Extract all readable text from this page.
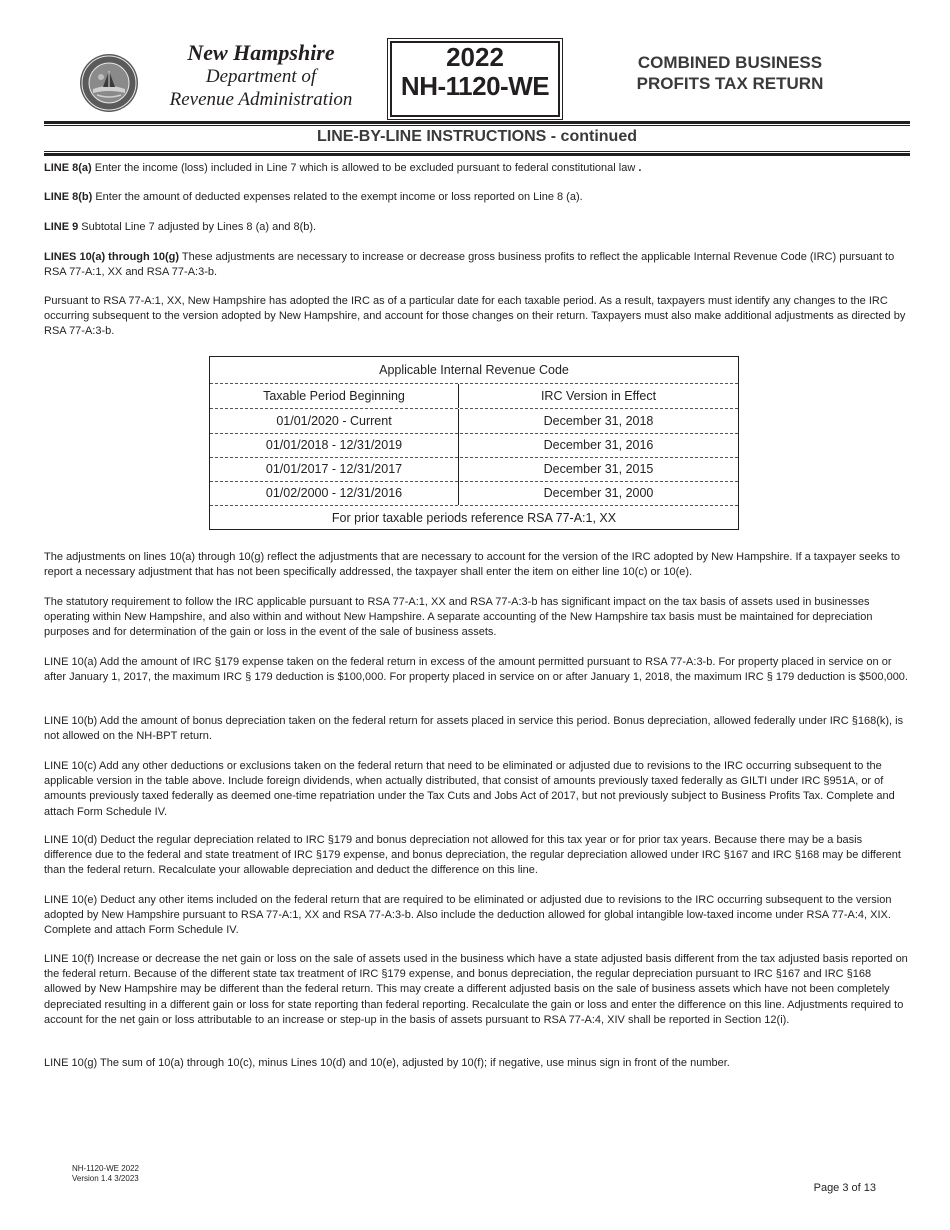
New Hampshire
Department of
Revenue Administration
2022
NH-1120-WE
COMBINED BUSINESS
PROFITS TAX RETURN
LINE-BY-LINE INSTRUCTIONS - continued
LINE 8(a) Enter the income (loss) included in Line 7 which is allowed to be excluded pursuant to federal constitutional law .
LINE 8(b) Enter the amount of deducted expenses related to the exempt income or loss reported on Line 8 (a).
LINE 9 Subtotal Line 7 adjusted by Lines 8 (a) and 8(b).
LINES 10(a) through 10(g) These adjustments are necessary to increase or decrease gross business profits to reflect the applicable Internal Revenue Code (IRC) pursuant to RSA 77-A:1, XX and RSA 77-A:3-b.
Pursuant to RSA 77-A:1, XX, New Hampshire has adopted the IRC as of a particular date for each taxable period. As a result, taxpayers must identify any changes to the IRC occurring subsequent to the version adopted by New Hampshire, and account for those changes on their return. Taxpayers must also make additional adjustments as directed by RSA 77-A:3-b.
Applicable Internal Revenue Code
Taxable Period Beginning	IRC Version in Effect
01/01/2020 - Current	December 31, 2018
01/01/2018 - 12/31/2019	December 31, 2016
01/01/2017 - 12/31/2017	December 31, 2015
01/02/2000 - 12/31/2016	December 31, 2000
For prior taxable periods reference RSA 77-A:1, XX
The adjustments on lines 10(a) through 10(g) reflect the adjustments that are necessary to account for the version of the IRC adopted by New Hampshire. If a taxpayer seeks to report a necessary adjustment that has not been specifically addressed, the taxpayer shall enter the item on either line 10(c) or 10(e).
The statutory requirement to follow the IRC applicable pursuant to RSA 77-A:1, XX and RSA 77-A:3-b has significant impact on the tax basis of assets used in businesses operating within New Hampshire, and also within and without New Hampshire. A separate accounting of the New Hampshire tax basis must be maintained for depreciation purposes and for determination of the gain or loss in the event of the sale of business assets.
LINE 10(a) Add the amount of IRC §179 expense taken on the federal return in excess of the amount permitted pursuant to RSA 77-A:3-b. For property placed in service on or after January 1, 2017, the maximum IRC § 179 deduction is $100,000. For property placed in service on or after January 1, 2018, the maximum IRC § 179 deduction is $500,000.
LINE 10(b) Add the amount of bonus depreciation taken on the federal return for assets placed in service this period. Bonus depreciation, allowed federally under IRC §168(k), is not allowed on the NH-BPT return.
LINE 10(c) Add any other deductions or exclusions taken on the federal return that need to be eliminated or adjusted due to revisions to the IRC occurring subsequent to the applicable version in the table above. Include foreign dividends, when actually distributed, that consist of amounts previously taxed federally as GILTI under IRC §951A, or of amounts previously taxed federally as deemed one-time repatriation under the Tax Cuts and Jobs Act of 2017, but not previously subject to Business Profits Tax. Complete and attach Form Schedule IV.
LINE 10(d) Deduct the regular depreciation related to IRC §179 and bonus depreciation not allowed for this tax year or for prior tax years. Because there may be a basis difference due to the federal and state treatment of IRC §179 expense, and bonus depreciation, the regular depreciation allowed under IRC §167 and IRC §168 may be different than the federal return. Recalculate your allowable depreciation and deduct the difference on this line.
LINE 10(e) Deduct any other items included on the federal return that are required to be eliminated or adjusted due to revisions to the IRC occurring subsequent to the version adopted by New Hampshire pursuant to RSA 77-A:1, XX and RSA 77-A:3-b. Also include the deduction allowed for global intangible low-taxed income under RSA 77-A:4, XIX. Complete and attach Form Schedule IV.
LINE 10(f) Increase or decrease the net gain or loss on the sale of assets used in the business which have a state adjusted basis different from the tax adjusted basis reported on the federal return. Because of the different state tax treatment of IRC §179 expense, and bonus depreciation, the regular depreciation pursuant to IRC §167 and IRC §168 allowed by New Hampshire may be different than the federal return. This may create a different adjusted basis on the sale of business assets which have not been completely depreciated resulting in a different gain or loss for state reporting than federal reporting. Recalculate the gain or loss and enter the difference on this line. Adjustments required to account for the net gain or loss attributable to an increase or step-up in the basis of assets pursuant to RSA 77-A:4, XIV shall be reported in Section 12(i).
LINE 10(g) The sum of 10(a) through 10(c), minus Lines 10(d) and 10(e), adjusted by 10(f); if negative, use minus sign in front of the number.
NH-1120-WE 2022
Version 1.4 3/2023
Page 3 of 13
